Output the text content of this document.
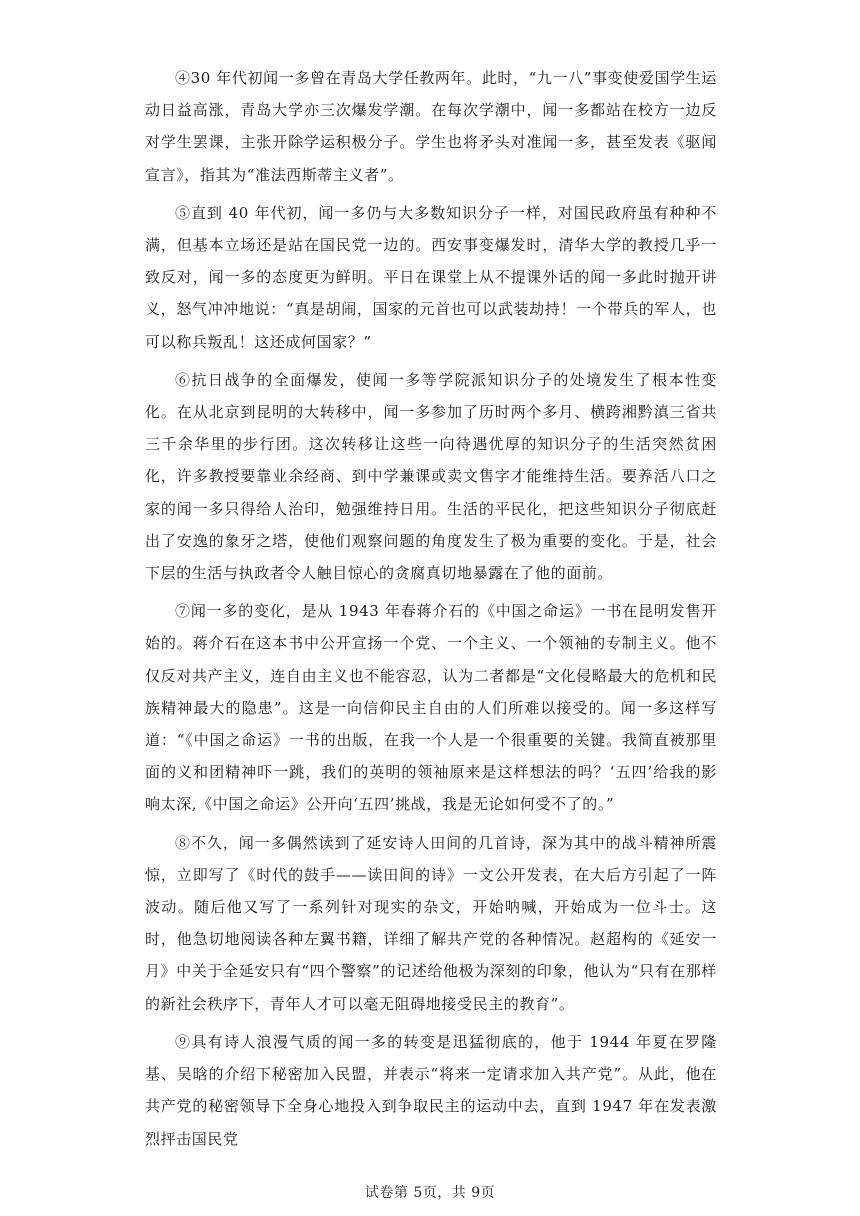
④30 年代初闻一多曾在青岛大学任教两年。此时，“九一八”事变使爱国学生运动日益高涨，青岛大学亦三次爆发学潮。在每次学潮中，闻一多都站在校方一边反对学生罢课，主张开除学运积极分子。学生也将矛头对准闻一多，甚至发表《驱闻宣言》，指其为“准法西斯蒂主义者”。

⑤直到 40 年代初，闻一多仍与大多数知识分子一样，对国民政府虽有种种不满，但基本立场还是站在国民党一边的。西安事变爆发时，清华大学的教授几乎一致反对，闻一多的态度更为鲜明。平日在课堂上从不提课外话的闻一多此时抛开讲义，怒气冲冲地说：“真是胡闹，国家的元首也可以武装劫持！一个带兵的军人，也可以称兵叛乱！这还成何国家？”

⑥抗日战争的全面爆发，使闻一多等学院派知识分子的处境发生了根本性变化。在从北京到昆明的大转移中，闻一多参加了历时两个多月、横跨湘黔滇三省共三千余华里的步行团。这次转移让这些一向待遇优厚的知识分子的生活突然贫困化，许多教授要靠业余经商、到中学兼课或卖文售字才能维持生活。要养活八口之家的闻一多只得给人治印，勉强维持日用。生活的平民化，把这些知识分子彻底赶出了安逸的象牙之塔，使他们观察问题的角度发生了极为重要的变化。于是，社会下层的生活与执政者令人触目惊心的贪腐真切地暴露在了他的面前。

⑦闻一多的变化，是从 1943 年春蒋介石的《中国之命运》一书在昆明发售开始的。蒋介石在这本书中公开宣扬一个党、一个主义、一个领袖的专制主义。他不仅反对共产主义，连自由主义也不能容忍，认为二者都是“文化侵略最大的危机和民族精神最大的隐患”。这是一向信仰民主自由的人们所难以接受的。闻一多这样写道：“《中国之命运》一书的出版，在我一个人是一个很重要的关键。我简直被那里面的义和团精神吓一跳，我们的英明的领袖原来是这样想法的吗？‘五四’给我的影响太深,《中国之命运》公开向‘五四’挑战，我是无论如何受不了的。”

⑧不久，闻一多偶然读到了延安诗人田间的几首诗，深为其中的战斗精神所震惊，立即写了《时代的鼓手——读田间的诗》一文公开发表，在大后方引起了一阵波动。随后他又写了一系列针对现实的杂文，开始呐喊，开始成为一位斗士。这时，他急切地阅读各种左翼书籍，详细了解共产党的各种情况。赵超构的《延安一月》中关于全延安只有“四个警察”的记述给他极为深刻的印象，他认为“只有在那样的新社会秩序下，青年人才可以毫无阻碍地接受民主的教育”。

⑨具有诗人浪漫气质的闻一多的转变是迅猛彻底的，他于 1944 年夏在罗隆基、吴晗的介绍下秘密加入民盟，并表示“将来一定请求加入共产党”。从此，他在共产党的秘密领导下全身心地投入到争取民主的运动中去，直到 1947 年在发表激烈抨击国民党

试卷第 5页，共 9页
